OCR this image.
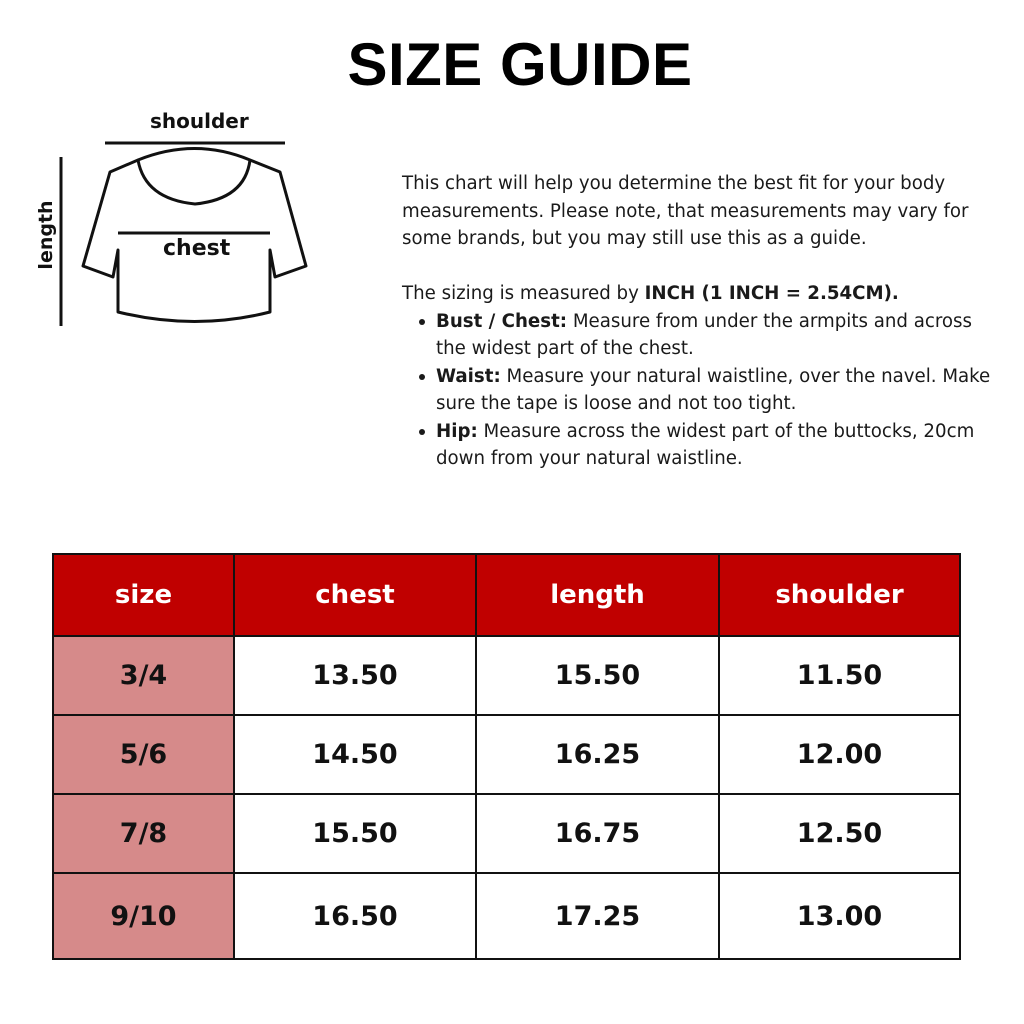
SIZE GUIDE
shoulder
chest
length

This chart will help you determine the best fit for your body measurements. Please note, that measurements may vary for some brands, but you may still use this as a guide.

The sizing is measured by INCH (1 INCH = 2.54CM).

Bust / Chest: Measure from under the armpits and across the widest part of the chest.
Waist: Measure your natural waistline, over the navel. Make sure the tape is loose and not too tight.
Hip: Measure across the widest part of the buttocks, 20cm down from your natural waistline.
size	chest	length	shoulder
3/4	13.50	15.50	11.50
5/6	14.50	16.25	12.00
7/8	15.50	16.75	12.50
9/10	16.50	17.25	13.00
